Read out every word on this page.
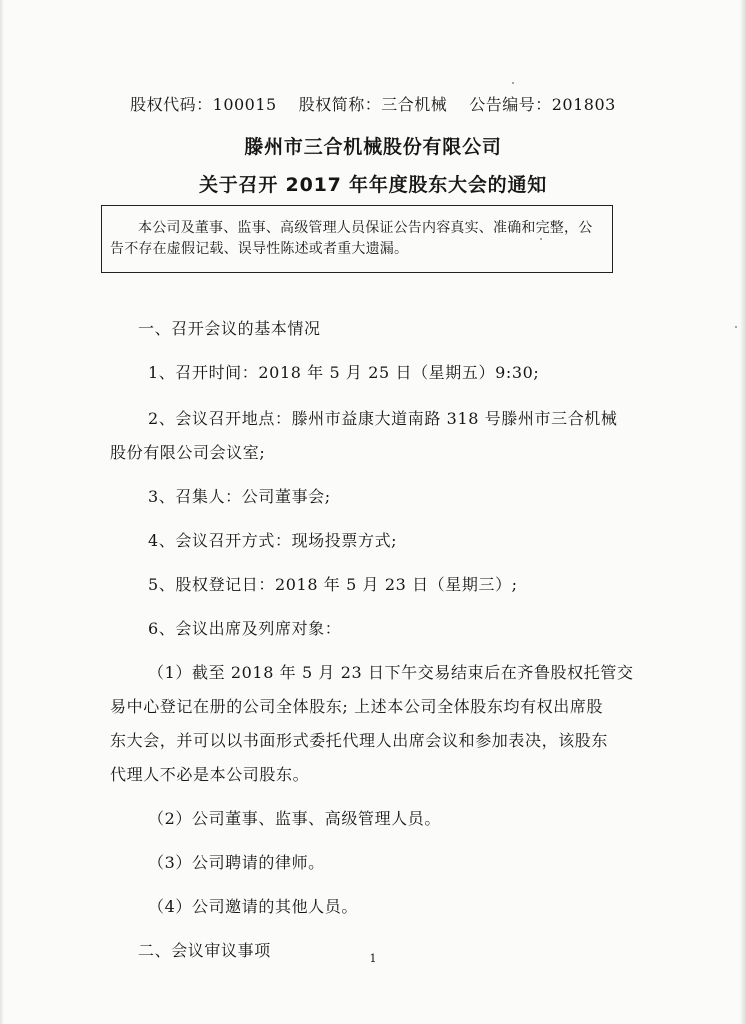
股权代码：100015 股权简称：三合机械 公告编号：201803
滕州市三合机械股份有限公司
关于召开 2017 年年度股东大会的通知
本公司及董事、监事、高级管理人员保证公告内容真实、准确和完整，公告不存在虚假记载、误导性陈述或者重大遗漏。
一、召开会议的基本情况
1、召开时间：2018 年 5 月 25 日（星期五）9:30;
2、会议召开地点：滕州市益康大道南路 318 号滕州市三合机械
股份有限公司会议室;
3、召集人：公司董事会;
4、会议召开方式：现场投票方式;
5、股权登记日：2018 年 5 月 23 日（星期三）;
6、会议出席及列席对象：
（1）截至 2018 年 5 月 23 日下午交易结束后在齐鲁股权托管交
易中心登记在册的公司全体股东; 上述本公司全体股东均有权出席股
东大会，并可以以书面形式委托代理人出席会议和参加表决，该股东
代理人不必是本公司股东。
（2）公司董事、监事、高级管理人员。
（3）公司聘请的律师。
（4）公司邀请的其他人员。
二、会议审议事项	1
